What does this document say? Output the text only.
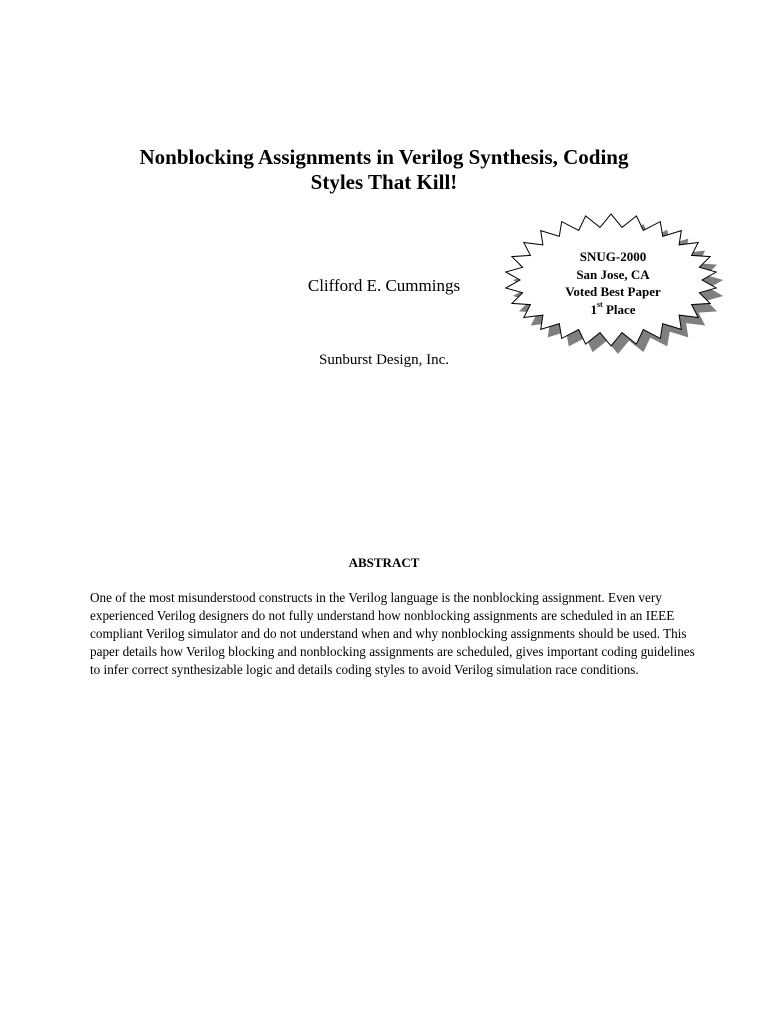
Nonblocking Assignments in Verilog Synthesis, Coding
Styles That Kill!
Clifford E. Cummings
Sunburst Design, Inc.
SNUG-2000
San Jose, CA
Voted Best Paper
1st Place
ABSTRACT
One of the most misunderstood constructs in the Verilog language is the nonblocking assignment. Even very experienced Verilog designers do not fully understand how nonblocking assignments are scheduled in an IEEE compliant Verilog simulator and do not understand when and why nonblocking assignments should be used. This paper details how Verilog blocking and nonblocking assignments are scheduled, gives important coding guidelines to infer correct synthesizable logic and details coding styles to avoid Verilog simulation race conditions.
